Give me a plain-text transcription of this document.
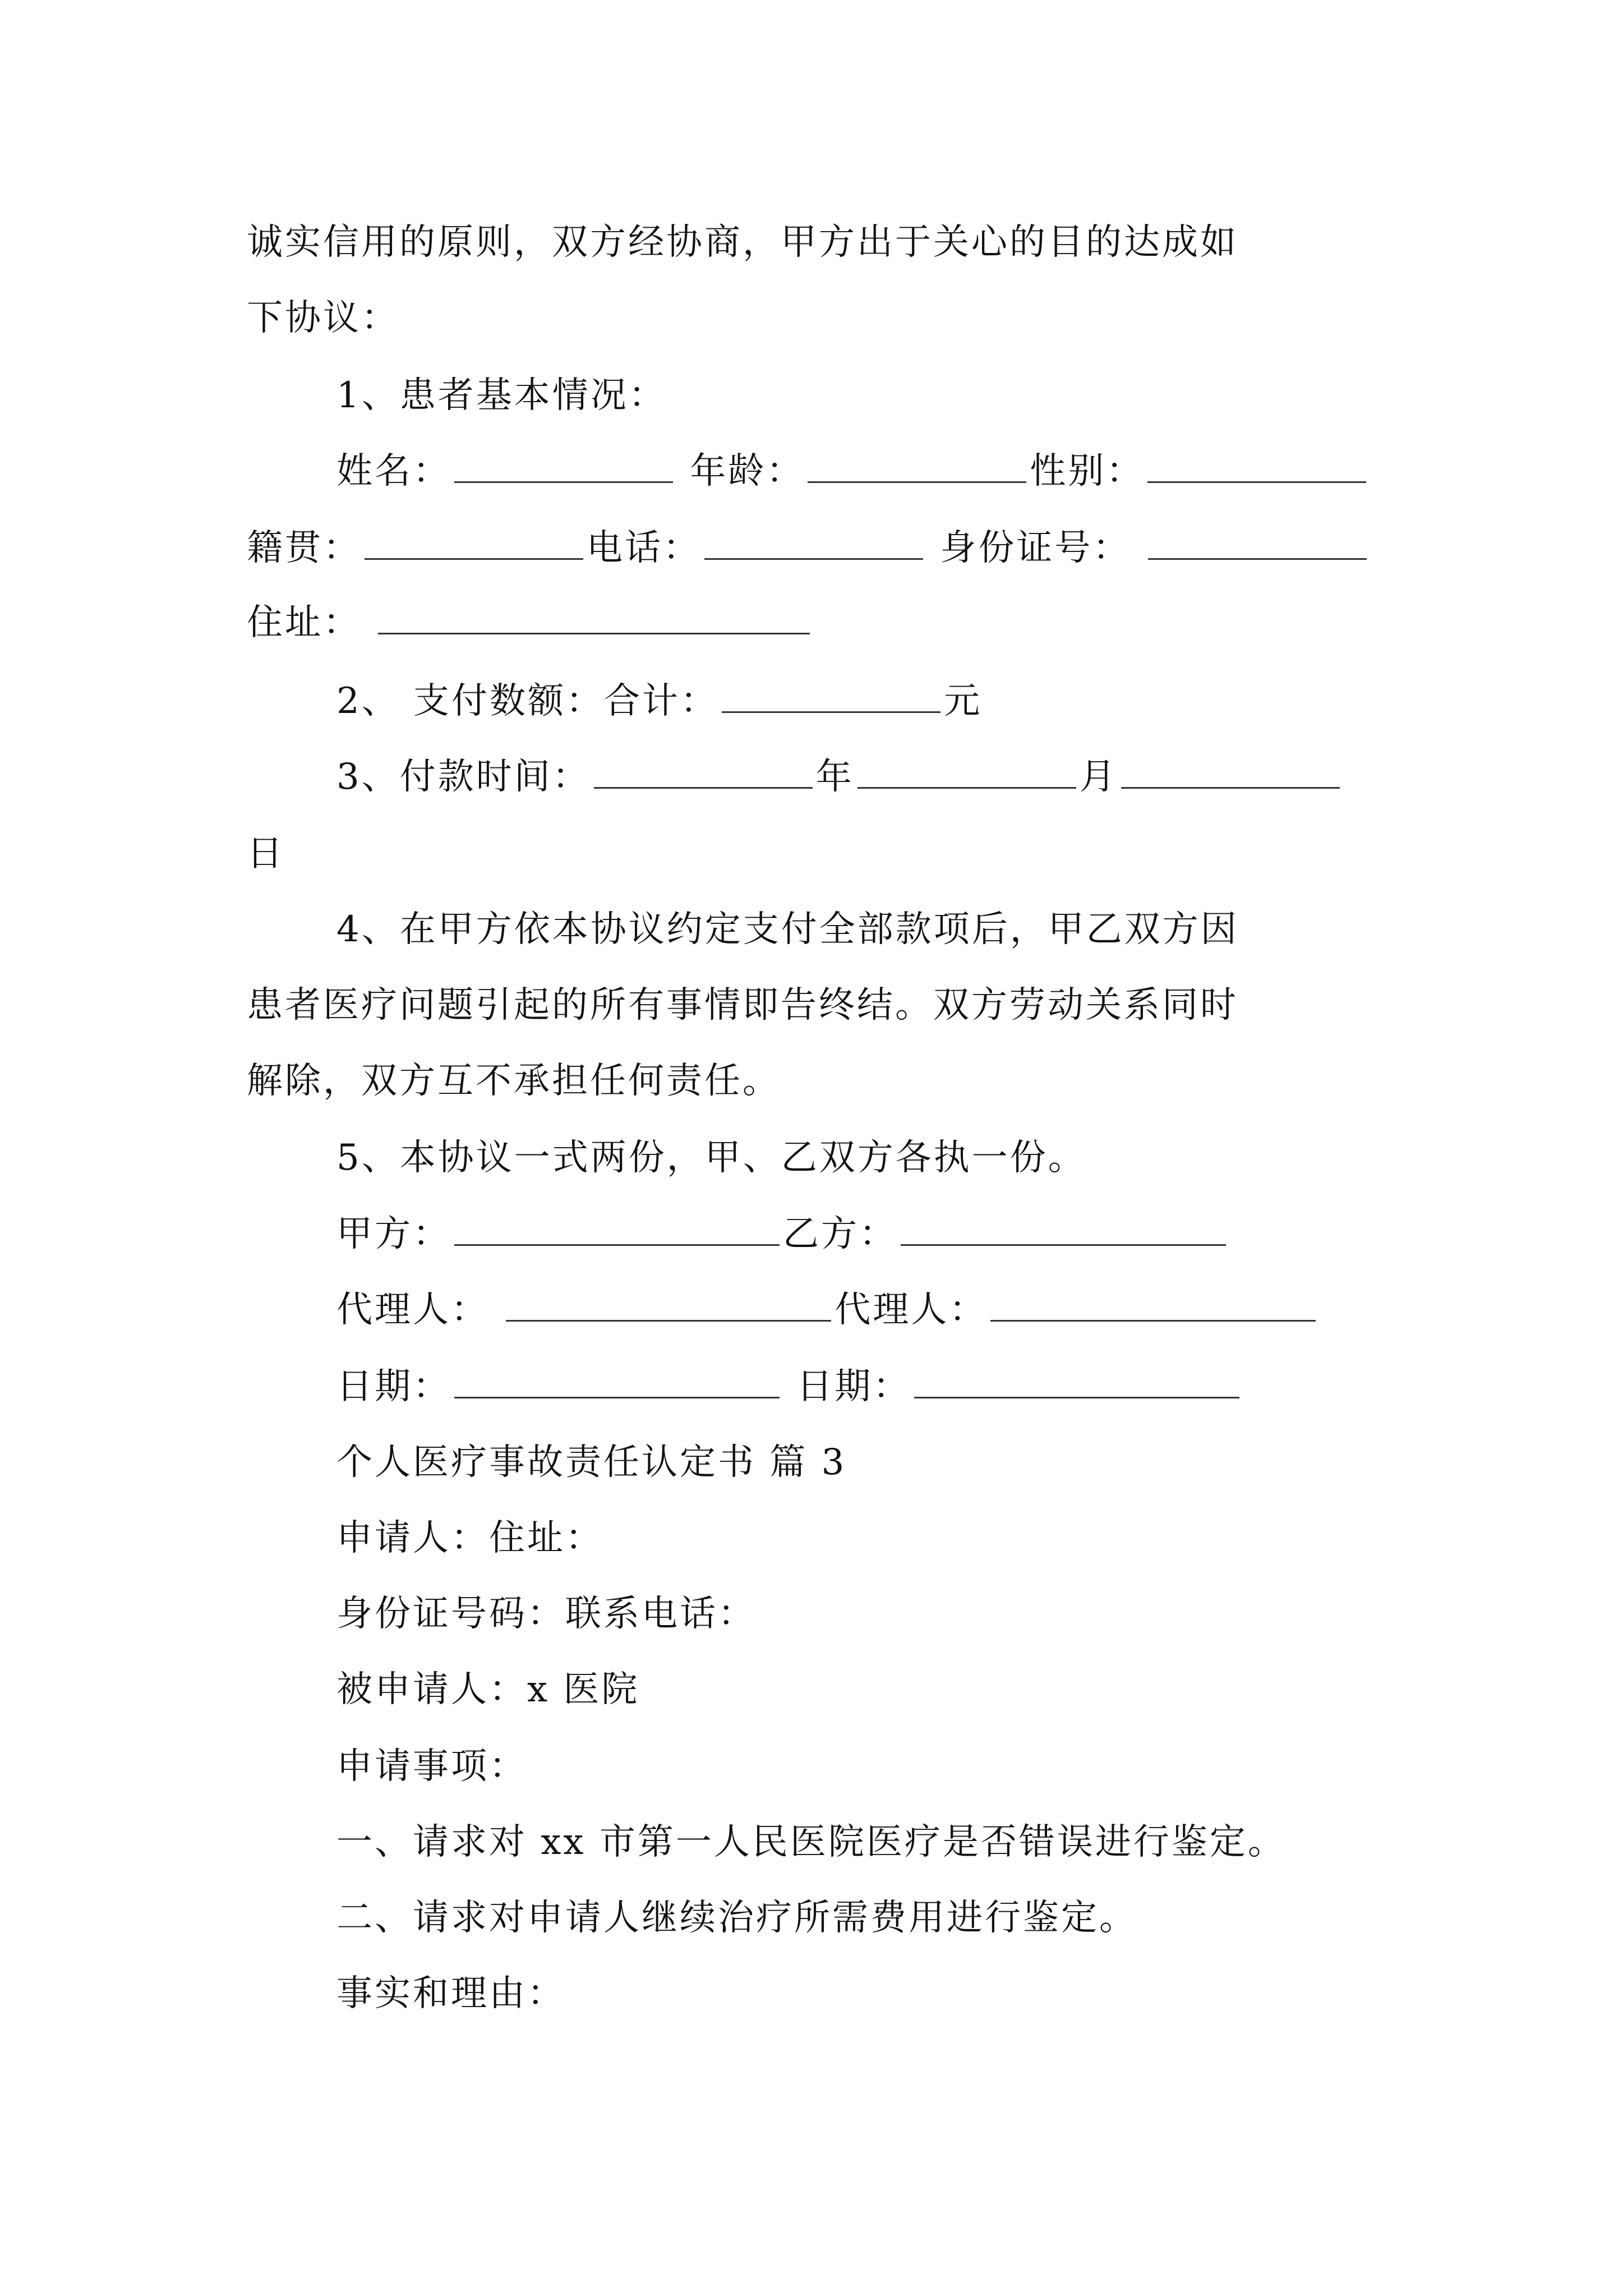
诚实信用的原则，双方经协商，甲方出于关心的目的达成如
下协议：
1、患者基本情况：
姓名：	年龄：	性别：
籍贯：	电话：	身份证号：
住址：
2、 支付数额：合计：	元
3、付款时间：	年	月
日
4、在甲方依本协议约定支付全部款项后，甲乙双方因
患者医疗问题引起的所有事情即告终结。双方劳动关系同时
解除，双方互不承担任何责任。
5、本协议一式两份，甲、乙双方各执一份。
甲方：	乙方：
代理人：	代理人：
日期：	日期：
个人医疗事故责任认定书 篇 3
申请人：住址：
身份证号码：联系电话：
被申请人：x 医院
申请事项：
一、请求对 xx 市第一人民医院医疗是否错误进行鉴定。
二、请求对申请人继续治疗所需费用进行鉴定。
事实和理由：
